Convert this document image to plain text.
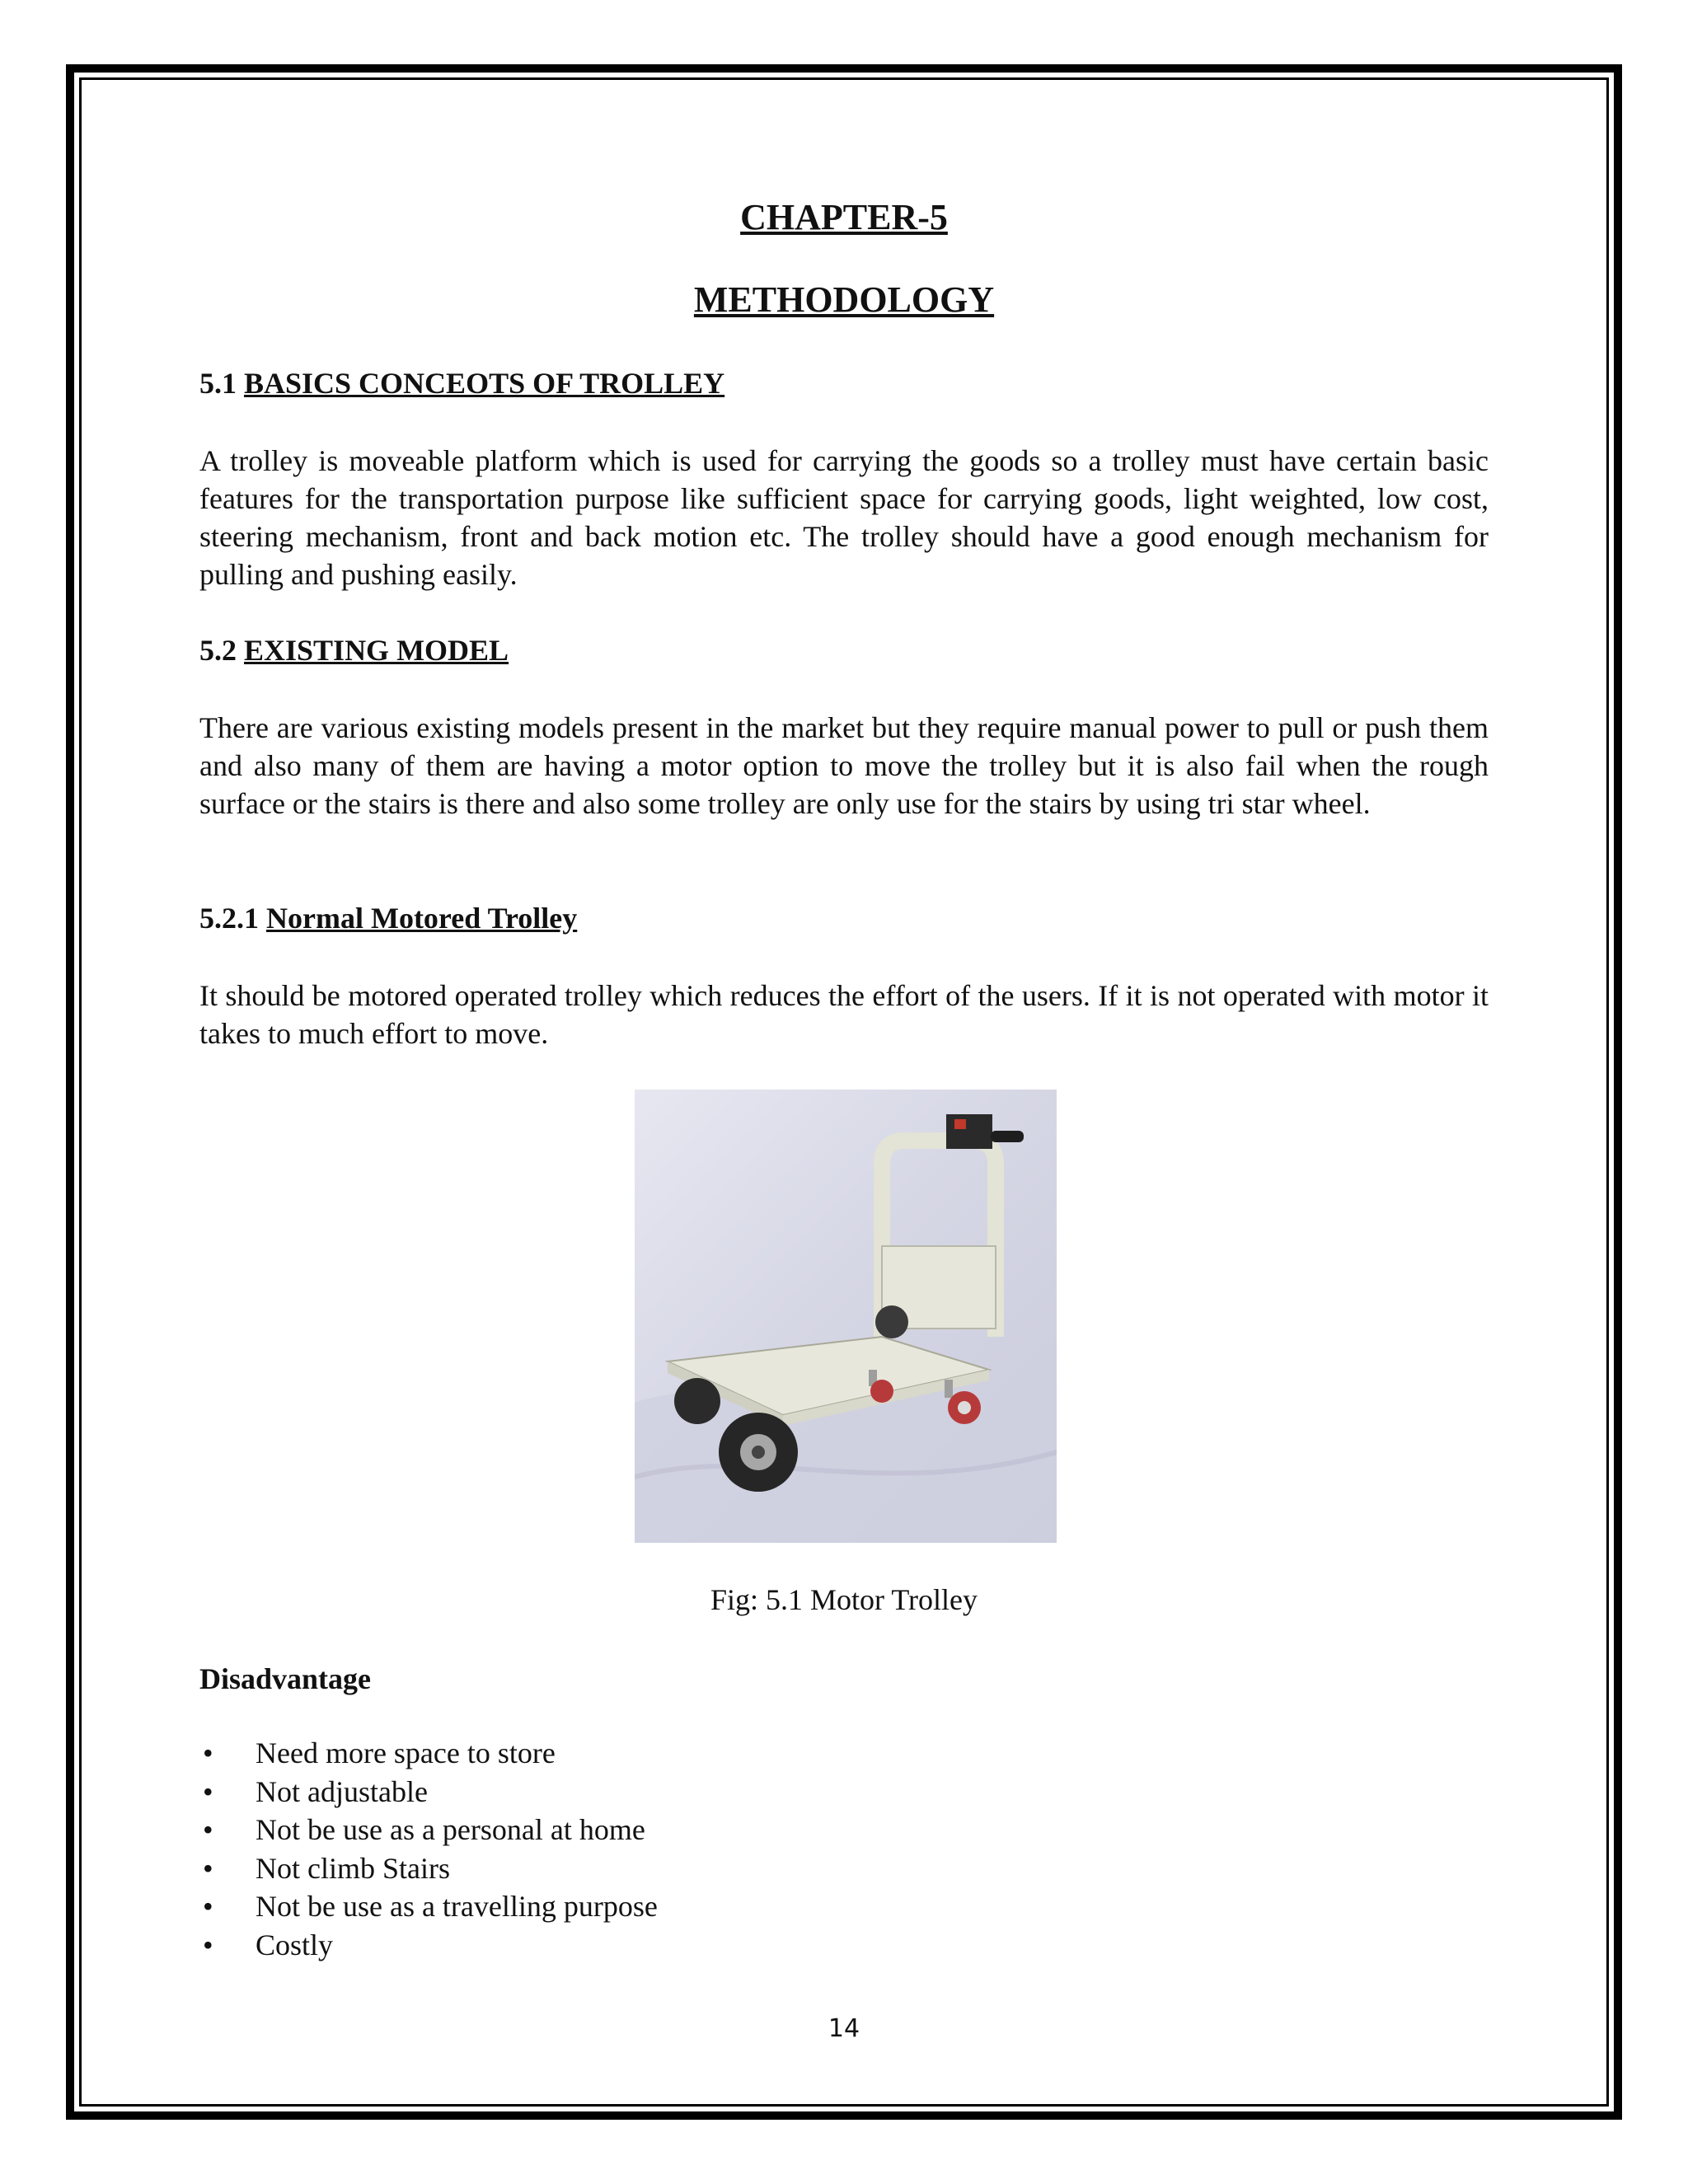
CHAPTER-5
METHODOLOGY
5.1 BASICS CONCEOTS OF TROLLEY
A trolley is moveable platform which is used for carrying the goods so a trolley must have certain basic features for the transportation purpose like sufficient space for carrying goods, light weighted, low cost, steering mechanism, front and back motion etc. The trolley should have a good enough mechanism for pulling and pushing easily.
5.2 EXISTING MODEL
There are various existing models present in the market but they require manual power to pull or push them and also many of them are having a motor option to move the trolley but it is also fail when the rough surface or the stairs is there and also some trolley are only use for the stairs by using tri star wheel.
5.2.1 Normal Motored Trolley
It should be motored operated trolley which reduces the effort of the users. If it is not operated with motor it takes to much effort to move.
Fig: 5.1 Motor Trolley
Disadvantage
• Need more space to store
• Not adjustable
• Not be use as a personal at home
• Not climb Stairs
• Not be use as a travelling purpose
• Costly
14
